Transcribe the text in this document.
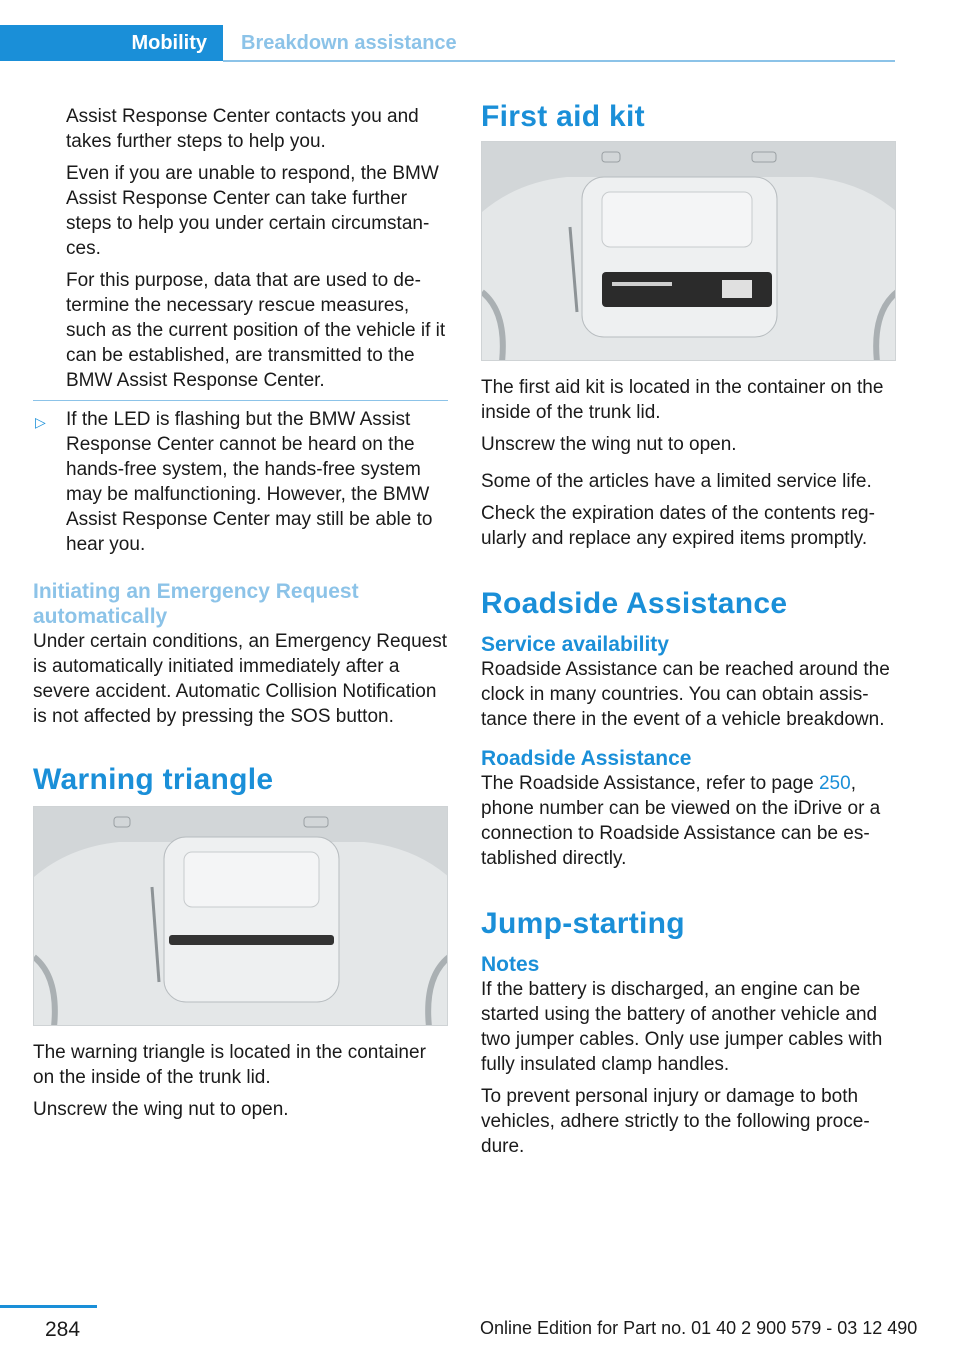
Mobility Breakdown assistance

Assist Response Center contacts you and takes further steps to help you.

Even if you are unable to respond, the BMW Assist Response Center can take further steps to help you under certain circumstances.

For this purpose, data that are used to determine the necessary rescue measures, such as the current position of the vehicle if it can be established, are transmitted to the BMW Assist Response Center.

▷ If the LED is flashing but the BMW Assist Response Center cannot be heard on the hands-free system, the hands-free system may be malfunctioning. However, the BMW Assist Response Center may still be able to hear you.
Initiating an Emergency Request automatically

Under certain conditions, an Emergency Request is automatically initiated immediately after a severe accident. Automatic Collision Notification is not affected by pressing the SOS button.

Warning triangle

The warning triangle is located in the container on the inside of the trunk lid.

Unscrew the wing nut to open.

First aid kit

The first aid kit is located in the container on the inside of the trunk lid.

Unscrew the wing nut to open.

Some of the articles have a limited service life.

Check the expiration dates of the contents regularly and replace any expired items promptly.

Roadside Assistance
Service availability

Roadside Assistance can be reached around the clock in many countries. You can obtain assistance there in the event of a vehicle breakdown.

Roadside Assistance

The Roadside Assistance, refer to page 250, phone number can be viewed on the iDrive or a connection to Roadside Assistance can be established directly.

Jump-starting
Notes

If the battery is discharged, an engine can be started using the battery of another vehicle and two jumper cables. Only use jumper cables with fully insulated clamp handles.

To prevent personal injury or damage to both vehicles, adhere strictly to the following procedure.

284	Online Edition for Part no. 01 40 2 900 579 - 03 12 490
